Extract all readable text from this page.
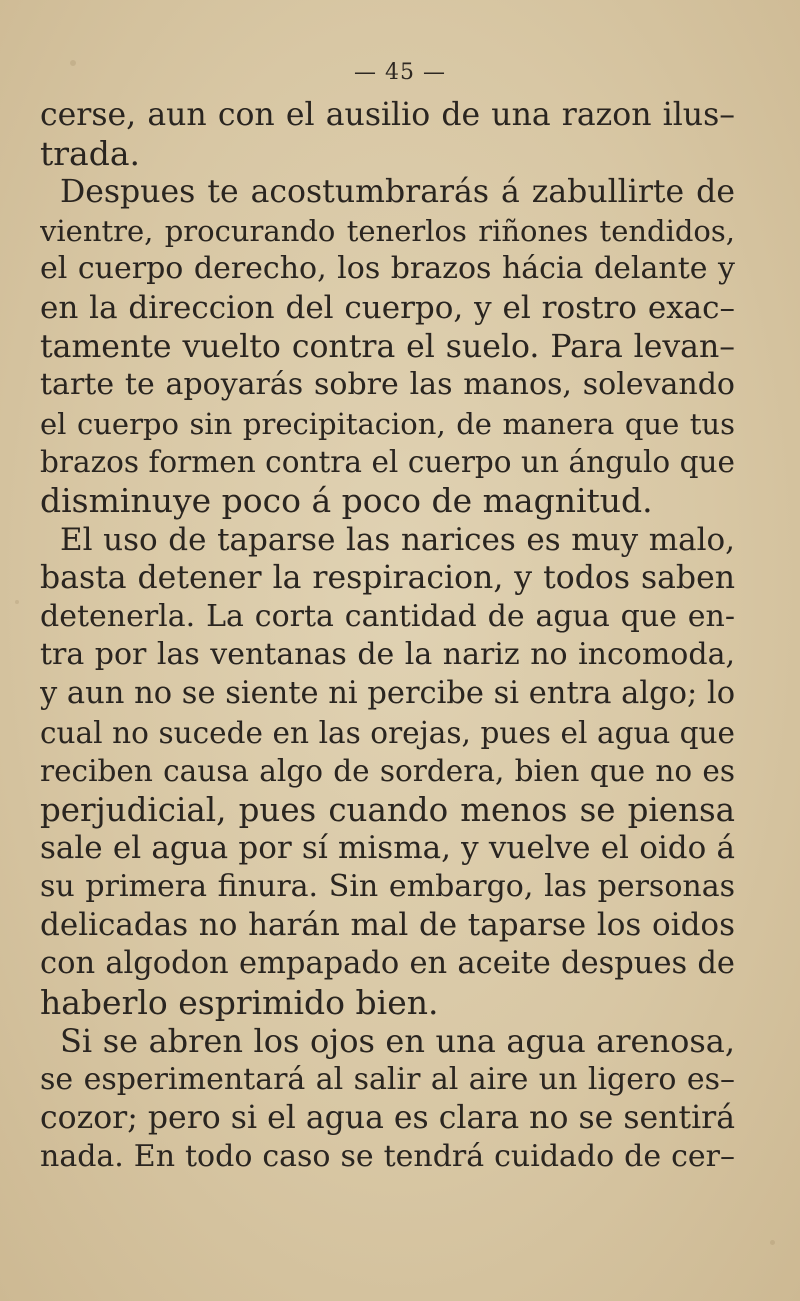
— 45 —
cerse, aun con el ausilio de una razon ilus–
trada.
Despues te acostumbrarás á zabullirte de
vientre, procurando tenerlos riñones tendidos,
el cuerpo derecho, los brazos hácia delante y
en la direccion del cuerpo, y el rostro exac–
tamente vuelto contra el suelo. Para levan–
tarte te apoyarás sobre las manos, solevando
el cuerpo sin precipitacion, de manera que tus
brazos formen contra el cuerpo un ángulo que
disminuye poco á poco de magnitud.
El uso de taparse las narices es muy malo,
basta detener la respiracion, y todos saben
detenerla. La corta cantidad de agua que en-
tra por las ventanas de la nariz no incomoda,
y aun no se siente ni percibe si entra algo; lo
cual no sucede en las orejas, pues el agua que
reciben causa algo de sordera, bien que no es
perjudicial, pues cuando menos se piensa
sale el agua por sí misma, y vuelve el oido á
su primera finura. Sin embargo, las personas
delicadas no harán mal de taparse los oidos
con algodon empapado en aceite despues de
haberlo esprimido bien.
Si se abren los ojos en una agua arenosa,
se esperimentará al salir al aire un ligero es–
cozor; pero si el agua es clara no se sentirá
nada. En todo caso se tendrá cuidado de cer–
